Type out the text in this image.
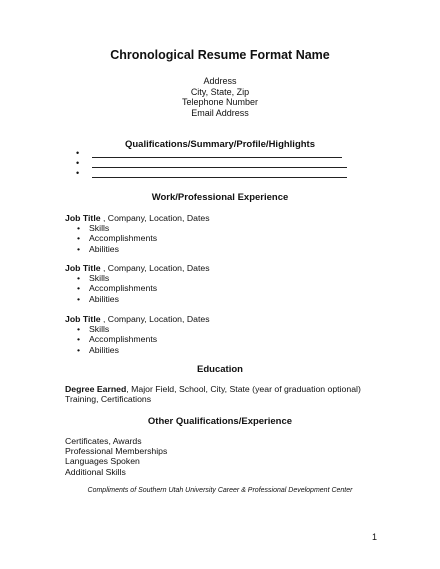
Chronological Resume Format Name
Address
City, State, Zip
Telephone Number
Email Address
Qualifications/Summary/Profile/Highlights
•
•
•
Work/Professional Experience
Job Title , Company, Location, Dates
• Skills
• Accomplishments
• Abilities
Job Title , Company, Location, Dates
• Skills
• Accomplishments
• Abilities
Job Title , Company, Location, Dates
• Skills
• Accomplishments
• Abilities
Education
Degree Earned, Major Field, School, City, State (year of graduation optional)
Training, Certifications
Other Qualifications/Experience
Certificates, Awards
Professional Memberships
Languages Spoken
Additional Skills
Compliments of Southern Utah University Career & Professional Development Center
1
